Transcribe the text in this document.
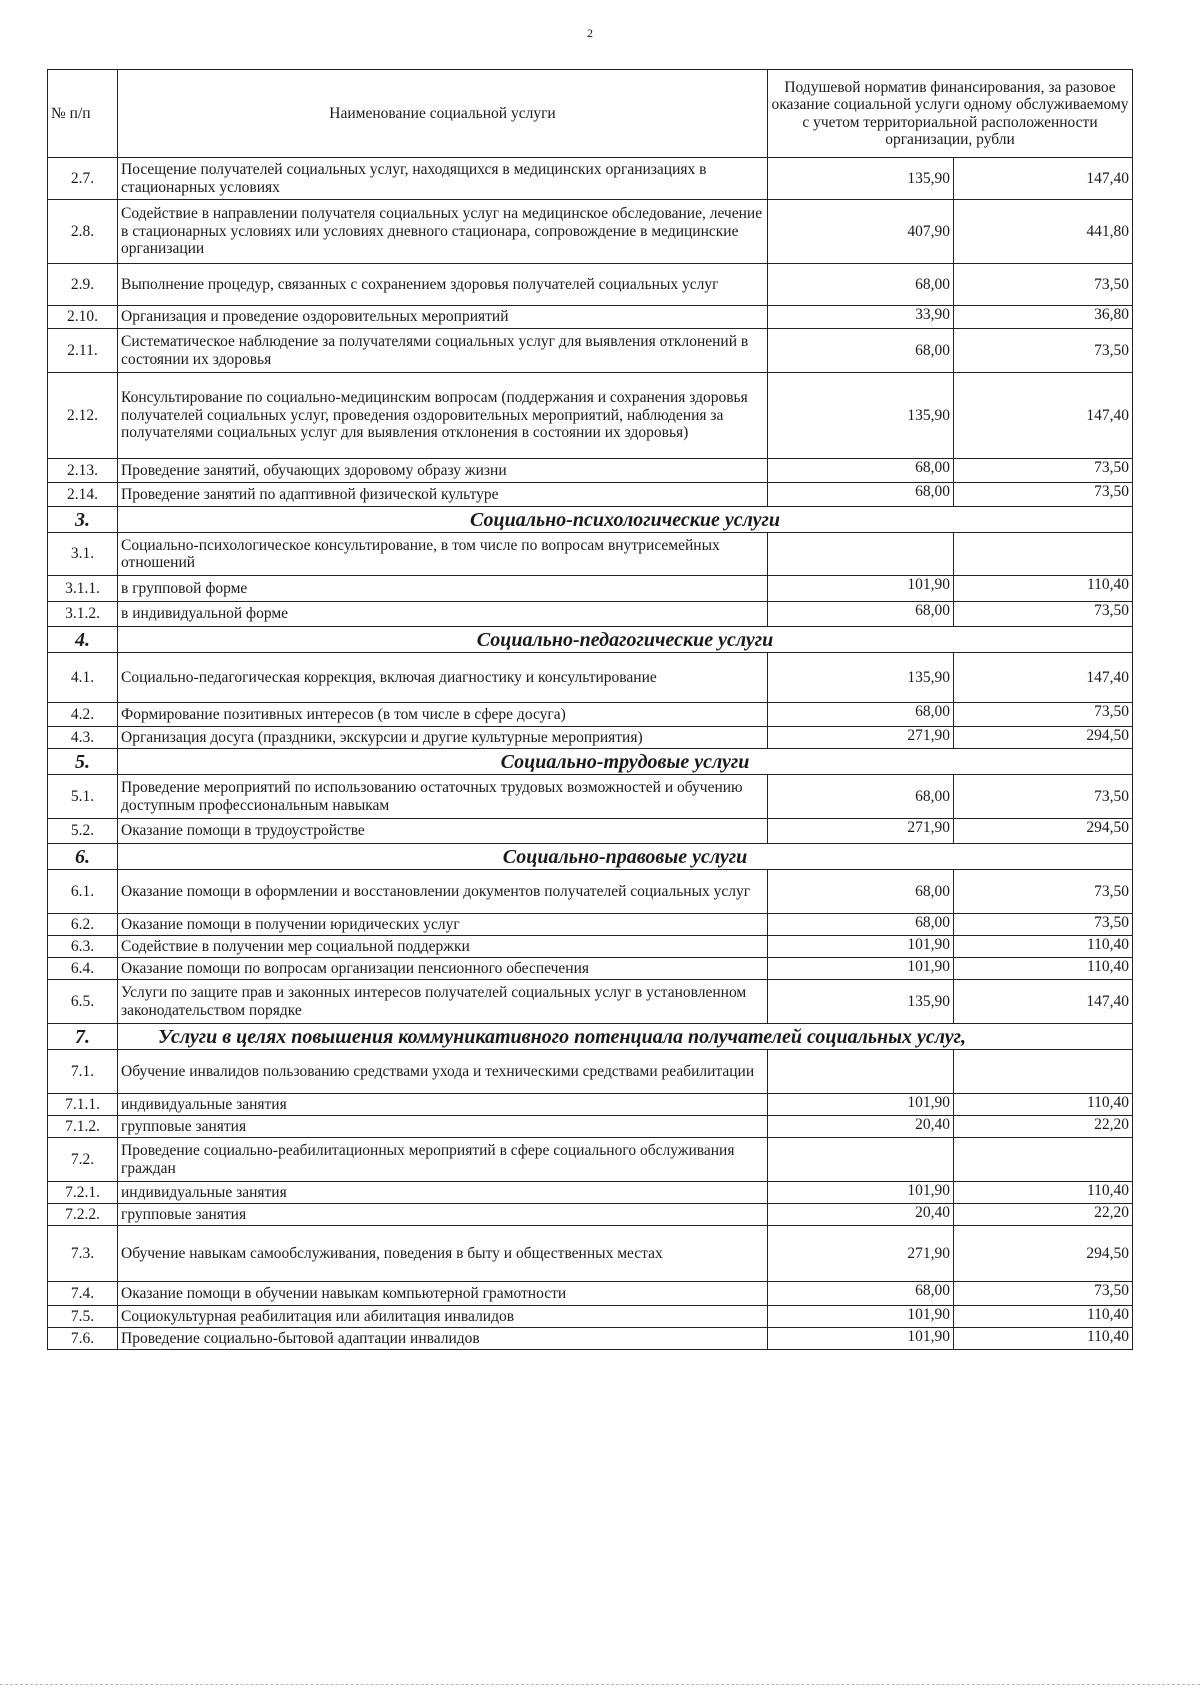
2
№ п/п	Наименование социальной услуги	Подушевой норматив финансирования, за разовое оказание социальной услуги одному обслуживаемому с учетом территориальной расположенности организации, рубли	
2.7.	Посещение получателей социальных услуг, находящихся в медицинских организациях в стационарных условиях	135,90	147,40
2.8.	Содействие в направлении получателя социальных услуг на медицинское обследование, лечение в стационарных условиях или условиях дневного стационара, сопровождение в медицинские организации	407,90	441,80
2.9.	Выполнение процедур, связанных с сохранением здоровья получателей социальных услуг	68,00	73,50
2.10.	Организация и проведение оздоровительных мероприятий	33,90	36,80
2.11.	Систематическое наблюдение за получателями социальных услуг для выявления отклонений в состоянии их здоровья	68,00	73,50
2.12.	Консультирование по социально-медицинским вопросам (поддержания и сохранения здоровья получателей социальных услуг, проведения оздоровительных мероприятий, наблюдения за получателями социальных услуг для выявления отклонения в состоянии их здоровья)	135,90	147,40
2.13.	Проведение занятий, обучающих здоровому образу жизни	68,00	73,50
2.14.	Проведение занятий по адаптивной физической культуре	68,00	73,50
3.	Социально-психологические услуги		
3.1.	Социально-психологическое консультирование, в том числе по вопросам внутрисемейных отношений		
3.1.1.	в групповой форме	101,90	110,40
3.1.2.	в индивидуальной форме	68,00	73,50
4.	Социально-педагогические услуги		
4.1.	Социально-педагогическая коррекция, включая диагностику и консультирование	135,90	147,40
4.2.	Формирование позитивных интересов (в том числе в сфере досуга)	68,00	73,50
4.3.	Организация досуга (праздники, экскурсии и другие культурные мероприятия)	271,90	294,50
5.	Социально-трудовые услуги		
5.1.	Проведение мероприятий по использованию остаточных трудовых возможностей и обучению доступным профессиональным навыкам	68,00	73,50
5.2.	Оказание помощи в трудоустройстве	271,90	294,50
6.	Социально-правовые услуги		
6.1.	Оказание помощи в оформлении и восстановлении документов получателей социальных услуг	68,00	73,50
6.2.	Оказание помощи в получении юридических услуг	68,00	73,50
6.3.	Содействие в получении мер социальной поддержки	101,90	110,40
6.4.	Оказание помощи по вопросам организации пенсионного обеспечения	101,90	110,40
6.5.	Услуги по защите прав и законных интересов получателей социальных услуг в установленном законодательством порядке	135,90	147,40
7.	Услуги в целях повышения коммуникативного потенциала получателей социальных услуг,		
7.1.	Обучение инвалидов пользованию средствами ухода и техническими средствами реабилитации		
7.1.1.	индивидуальные занятия	101,90	110,40
7.1.2.	групповые занятия	20,40	22,20
7.2.	Проведение социально-реабилитационных мероприятий в сфере социального обслуживания граждан		
7.2.1.	индивидуальные занятия	101,90	110,40
7.2.2.	групповые занятия	20,40	22,20
7.3.	Обучение навыкам самообслуживания, поведения в быту и общественных местах	271,90	294,50
7.4.	Оказание помощи в обучении навыкам компьютерной грамотности	68,00	73,50
7.5.	Социокультурная реабилитация или абилитация инвалидов	101,90	110,40
7.6.	Проведение социально-бытовой адаптации инвалидов	101,90	110,40
